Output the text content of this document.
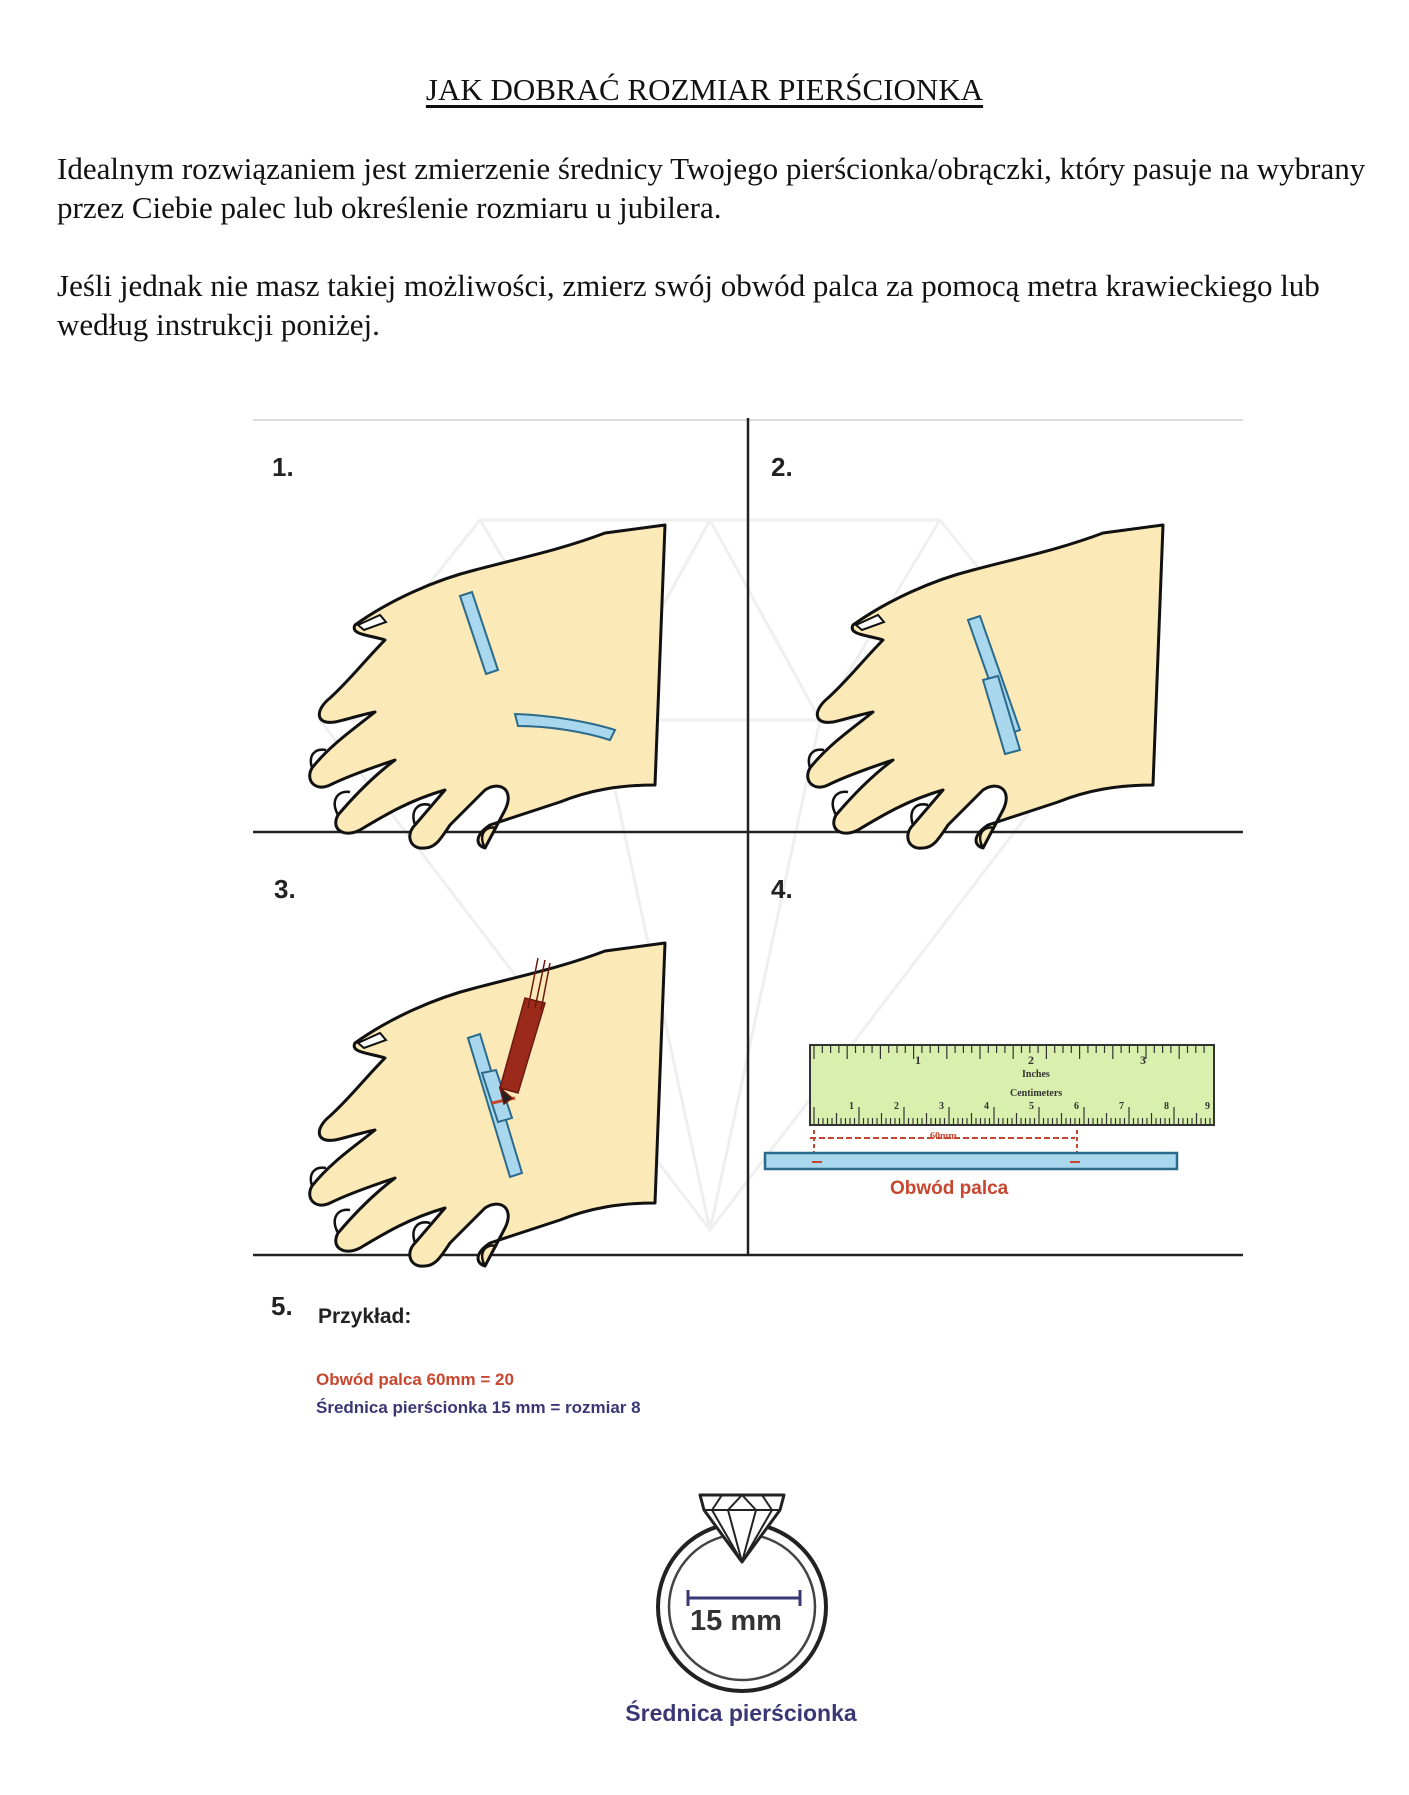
JAK DOBRAĆ ROZMIAR PIERŚCIONKA

Idealnym rozwiązaniem jest zmierzenie średnicy Twojego pierścionka/obrączki, który pasuje na wybrany przez Ciebie palec lub określenie rozmiaru u jubilera.

Jeśli jednak nie masz takiej możliwości, zmierz swój obwód palca za pomocą metra krawieckiego lub według instrukcji poniżej.

1.	2.
3.	4.
5.
Inches
Centimeters
1	2	3
1	2	3	4	5	6	7	8	9
60mm
Obwód palca
Przykład:
Obwód palca 60mm = 20
Średnica pierścionka 15 mm = rozmiar 8
15 mm
Średnica pierścionka
